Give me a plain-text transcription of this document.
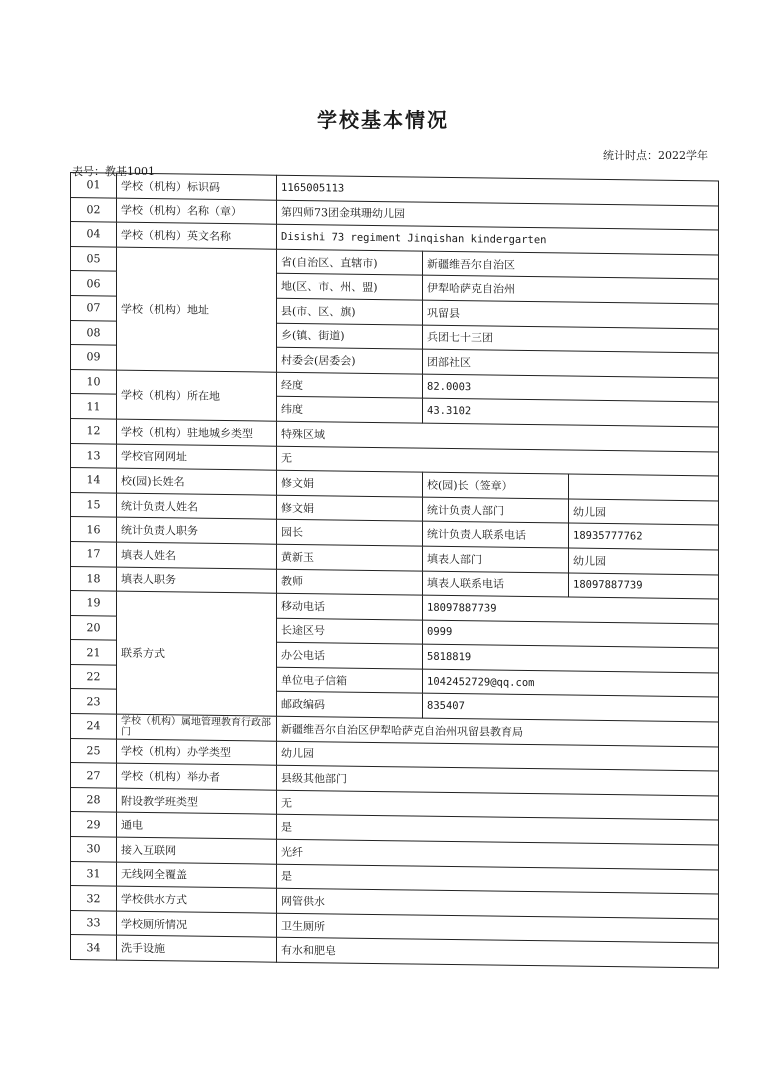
学校基本情况
统计时点：2022学年
表号：教基1001
01	学校（机构）标识码	1165005113		
02	学校（机构）名称（章）	第四师73团金琪珊幼儿园		
04	学校（机构）英文名称	Disishi 73 regiment Jinqishan kindergarten		
05	学校（机构）地址	省(自治区、直辖市)	新疆维吾尔自治区	
06		地(区、市、州、盟)	伊犁哈萨克自治州	
07		县(市、区、旗)	巩留县	
08		乡(镇、街道)	兵团七十三团	
09		村委会(居委会)	团部社区	
10	学校（机构）所在地	经度	82.0003	
11		纬度	43.3102	
12	学校（机构）驻地城乡类型	特殊区域		
13	学校官网网址	无		
14	校(园)长姓名	修文娟	校(园)长（签章）	
15	统计负责人姓名	修文娟	统计负责人部门	幼儿园
16	统计负责人职务	园长	统计负责人联系电话	18935777762
17	填表人姓名	黄新玉	填表人部门	幼儿园
18	填表人职务	教师	填表人联系电话	18097887739
19	联系方式	移动电话	18097887739	
20		长途区号	0999	
21		办公电话	5818819	
22		单位电子信箱	1042452729@qq.com	
23		邮政编码	835407	
24	学校（机构）属地管理教育行政部门	新疆维吾尔自治区伊犁哈萨克自治州巩留县教育局		
25	学校（机构）办学类型	幼儿园		
27	学校（机构）举办者	县级其他部门		
28	附设教学班类型	无		
29	通电	是		
30	接入互联网	光纤		
31	无线网全覆盖	是		
32	学校供水方式	网管供水		
33	学校厕所情况	卫生厕所		
34	洗手设施	有水和肥皂		
